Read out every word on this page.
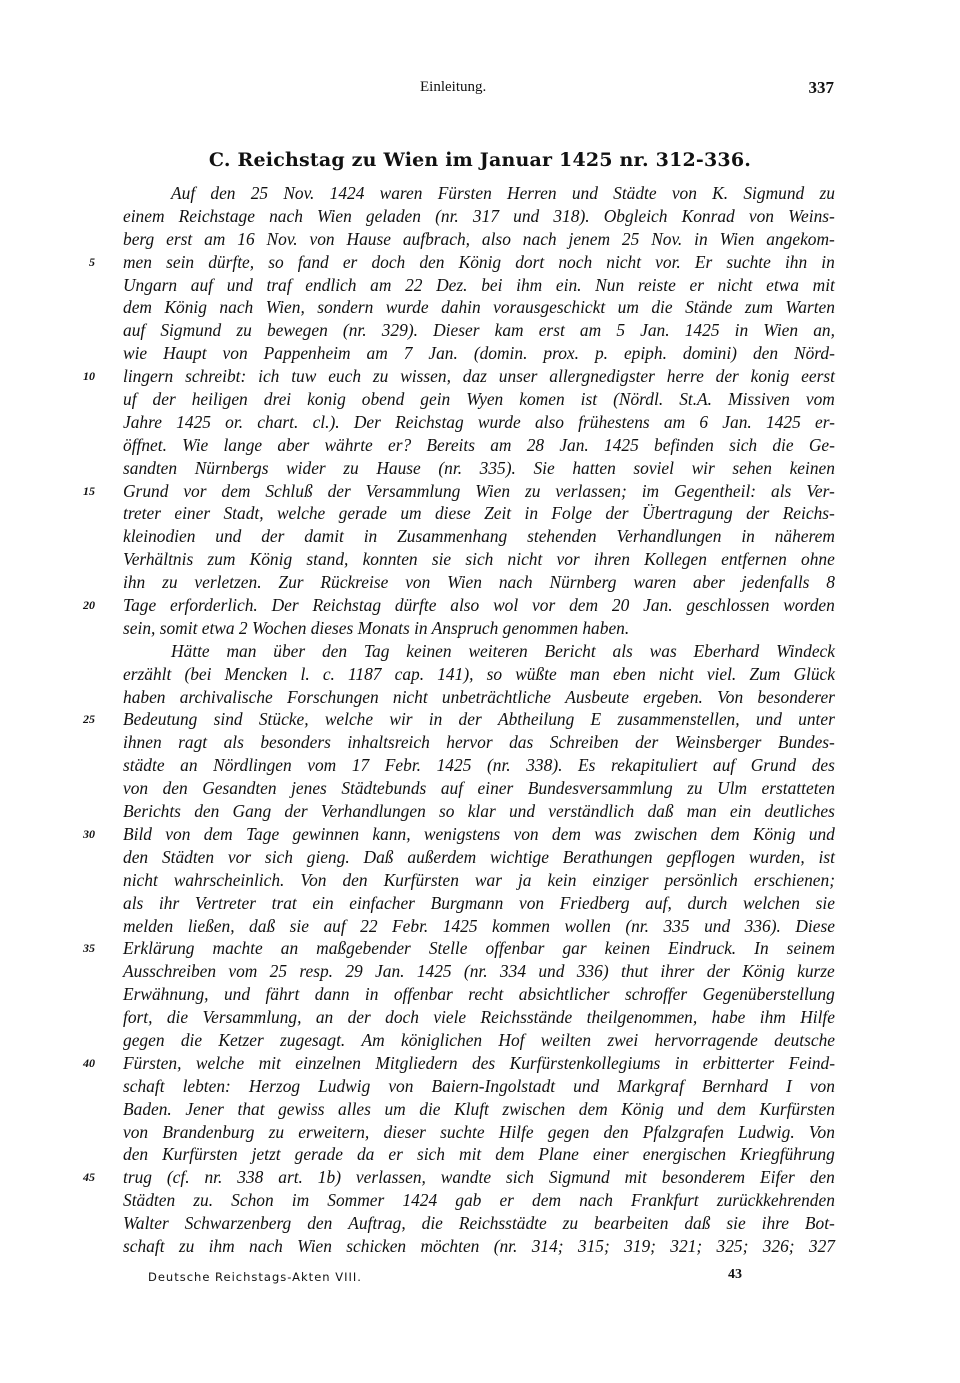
Einleitung.	337
C. Reichstag zu Wien im Januar 1425 nr. 312-336.
Auf den 25 Nov. 1424 waren Fürsten Herren und Städte von K. Sigmund zu
einem Reichstage nach Wien geladen (nr. 317 und 318). Obgleich Konrad von Weins-
berg erst am 16 Nov. von Hause aufbrach, also nach jenem 25 Nov. in Wien angekom-
5 men sein dürfte, so fand er doch den König dort noch nicht vor. Er suchte ihn in
Ungarn auf und traf endlich am 22 Dez. bei ihm ein. Nun reiste er nicht etwa mit
dem König nach Wien, sondern wurde dahin vorausgeschickt um die Stände zum Warten
auf Sigmund zu bewegen (nr. 329). Dieser kam erst am 5 Jan. 1425 in Wien an,
wie Haupt von Pappenheim am 7 Jan. (domin. prox. p. epiph. domini) den Nörd-
10 lingern schreibt: ich tuw euch zu wissen, daz unser allergnedigster herre der konig eerst
uf der heiligen drei konig obend gein Wyen komen ist (Nördl. St.A. Missiven vom
Jahre 1425 or. chart. cl.). Der Reichstag wurde also frühestens am 6 Jan. 1425 er-
öffnet. Wie lange aber währte er? Bereits am 28 Jan. 1425 befinden sich die Ge-
sandten Nürnbergs wider zu Hause (nr. 335). Sie hatten soviel wir sehen keinen
15 Grund vor dem Schluß der Versammlung Wien zu verlassen; im Gegentheil: als Ver-
treter einer Stadt, welche gerade um diese Zeit in Folge der Übertragung der Reichs-
kleinodien und der damit in Zusammenhang stehenden Verhandlungen in näherem
Verhältnis zum König stand, konnten sie sich nicht vor ihren Kollegen entfernen ohne
ihn zu verletzen. Zur Rückreise von Wien nach Nürnberg waren aber jedenfalls 8
20 Tage erforderlich. Der Reichstag dürfte also wol vor dem 20 Jan. geschlossen worden
sein, somit etwa 2 Wochen dieses Monats in Anspruch genommen haben.
Hätte man über den Tag keinen weiteren Bericht als was Eberhard Windeck
erzählt (bei Mencken l. c. 1187 cap. 141), so wüßte man eben nicht viel. Zum Glück
haben archivalische Forschungen nicht unbeträchtliche Ausbeute ergeben. Von besonderer
25 Bedeutung sind Stücke, welche wir in der Abtheilung E zusammenstellen, und unter
ihnen ragt als besonders inhaltsreich hervor das Schreiben der Weinsberger Bundes-
städte an Nördlingen vom 17 Febr. 1425 (nr. 338). Es rekapituliert auf Grund des
von den Gesandten jenes Städtebunds auf einer Bundesversammlung zu Ulm erstatteten
Berichts den Gang der Verhandlungen so klar und verständlich daß man ein deutliches
30 Bild von dem Tage gewinnen kann, wenigstens von dem was zwischen dem König und
den Städten vor sich gieng. Daß außerdem wichtige Berathungen gepflogen wurden, ist
nicht wahrscheinlich. Von den Kurfürsten war ja kein einziger persönlich erschienen;
als ihr Vertreter trat ein einfacher Burgmann von Friedberg auf, durch welchen sie
melden ließen, daß sie auf 22 Febr. 1425 kommen wollen (nr. 335 und 336). Diese
35 Erklärung machte an maßgebender Stelle offenbar gar keinen Eindruck. In seinem
Ausschreiben vom 25 resp. 29 Jan. 1425 (nr. 334 und 336) thut ihrer der König kurze
Erwähnung, und fährt dann in offenbar recht absichtlicher schroffer Gegenüberstellung
fort, die Versammlung, an der doch viele Reichsstände theilgenommen, habe ihm Hilfe
gegen die Ketzer zugesagt. Am königlichen Hof weilten zwei hervorragende deutsche
40 Fürsten, welche mit einzelnen Mitgliedern des Kurfürstenkollegiums in erbitterter Feind-
schaft lebten: Herzog Ludwig von Baiern-Ingolstadt und Markgraf Bernhard I von
Baden. Jener that gewiss alles um die Kluft zwischen dem König und dem Kurfürsten
von Brandenburg zu erweitern, dieser suchte Hilfe gegen den Pfalzgrafen Ludwig. Von
den Kurfürsten jetzt gerade da er sich mit dem Plane einer energischen Kriegführung
45 trug (cf. nr. 338 art. 1b) verlassen, wandte sich Sigmund mit besonderem Eifer den
Städten zu. Schon im Sommer 1424 gab er dem nach Frankfurt zurückkehrenden
Walter Schwarzenberg den Auftrag, die Reichsstädte zu bearbeiten daß sie ihre Bot-
schaft zu ihm nach Wien schicken möchten (nr. 314; 315; 319; 321; 325; 326; 327
Deutsche Reichstags-Akten VIII.	43
